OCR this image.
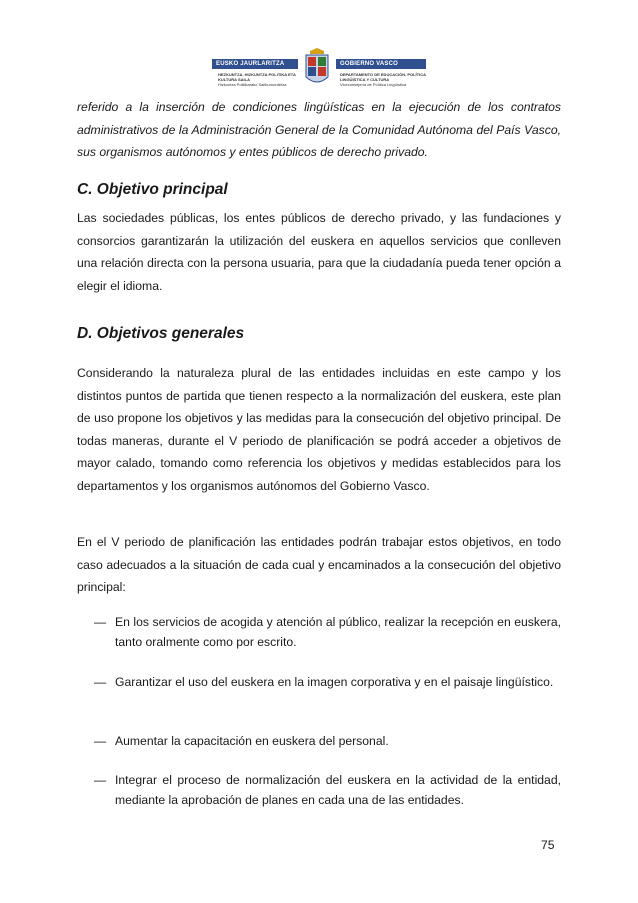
EUSKO JAURLARITZA	GOBIERNO VASCO
HEZKUNTZA, HIZKUNTZA POLITIKA ETA KULTURA SAILA
Hizkuntza Politikarako Sailburuordetza
DEPARTAMENTO DE EDUCACIÓN, POLÍTICA LINGÜÍSTICA Y CULTURA
Viceconsejería de Política Lingüística

referido a la inserción de condiciones lingüísticas en la ejecución de los contratos administrativos de la Administración General de la Comunidad Autónoma del País Vasco, sus organismos autónomos y entes públicos de derecho privado.

C. Objetivo principal

Las sociedades públicas, los entes públicos de derecho privado, y las fundaciones y consorcios garantizarán la utilización del euskera en aquellos servicios que conlleven una relación directa con la persona usuaria, para que la ciudadanía pueda tener opción a elegir el idioma.

D. Objetivos generales

Considerando la naturaleza plural de las entidades incluidas en este campo y los distintos puntos de partida que tienen respecto a la normalización del euskera, este plan de uso propone los objetivos y las medidas para la consecución del objetivo principal. De todas maneras, durante el V periodo de planificación se podrá acceder a objetivos de mayor calado, tomando como referencia los objetivos y medidas establecidos para los departamentos y los organismos autónomos del Gobierno Vasco.

En el V periodo de planificación las entidades podrán trabajar estos objetivos, en todo caso adecuados a la situación de cada cual y encaminados a la consecución del objetivo principal:

— En los servicios de acogida y atención al público, realizar la recepción en euskera, tanto oralmente como por escrito.
— Garantizar el uso del euskera en la imagen corporativa y en el paisaje lingüístico.
— Aumentar la capacitación en euskera del personal.
— Integrar el proceso de normalización del euskera en la actividad de la entidad, mediante la aprobación de planes en cada una de las entidades.
75
